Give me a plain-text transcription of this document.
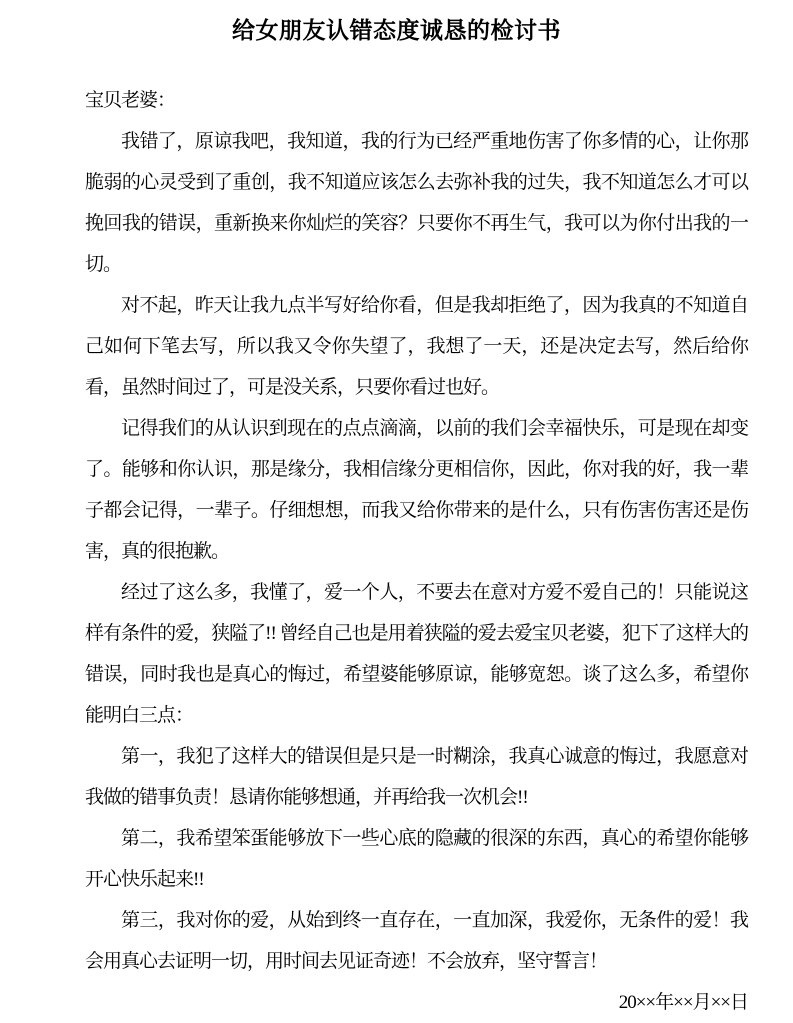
给女朋友认错态度诚恳的检讨书

宝贝老婆：

我错了，原谅我吧，我知道，我的行为已经严重地伤害了你多情的心，让你那脆弱的心灵受到了重创，我不知道应该怎么去弥补我的过失，我不知道怎么才可以挽回我的错误，重新换来你灿烂的笑容？只要你不再生气，我可以为你付出我的一切。

对不起，昨天让我九点半写好给你看，但是我却拒绝了，因为我真的不知道自己如何下笔去写，所以我又令你失望了，我想了一天，还是决定去写，然后给你看，虽然时间过了，可是没关系，只要你看过也好。

记得我们的从认识到现在的点点滴滴，以前的我们会幸福快乐，可是现在却变了。能够和你认识，那是缘分，我相信缘分更相信你，因此，你对我的好，我一辈子都会记得，一辈子。仔细想想，而我又给你带来的是什么，只有伤害伤害还是伤害，真的很抱歉。

经过了这么多，我懂了，爱一个人，不要去在意对方爱不爱自己的！只能说这样有条件的爱，狭隘了!! 曾经自己也是用着狭隘的爱去爱宝贝老婆，犯下了这样大的错误，同时我也是真心的悔过，希望婆能够原谅，能够宽恕。谈了这么多，希望你能明白三点：

第一，我犯了这样大的错误但是只是一时糊涂，我真心诚意的悔过，我愿意对我做的错事负责！恳请你能够想通，并再给我一次机会!!

第二，我希望笨蛋能够放下一些心底的隐藏的很深的东西，真心的希望你能够开心快乐起来!!

第三，我对你的爱，从始到终一直存在，一直加深，我爱你，无条件的爱！我会用真心去证明一切，用时间去见证奇迹！不会放弃，坚守誓言！

20××年××月××日
